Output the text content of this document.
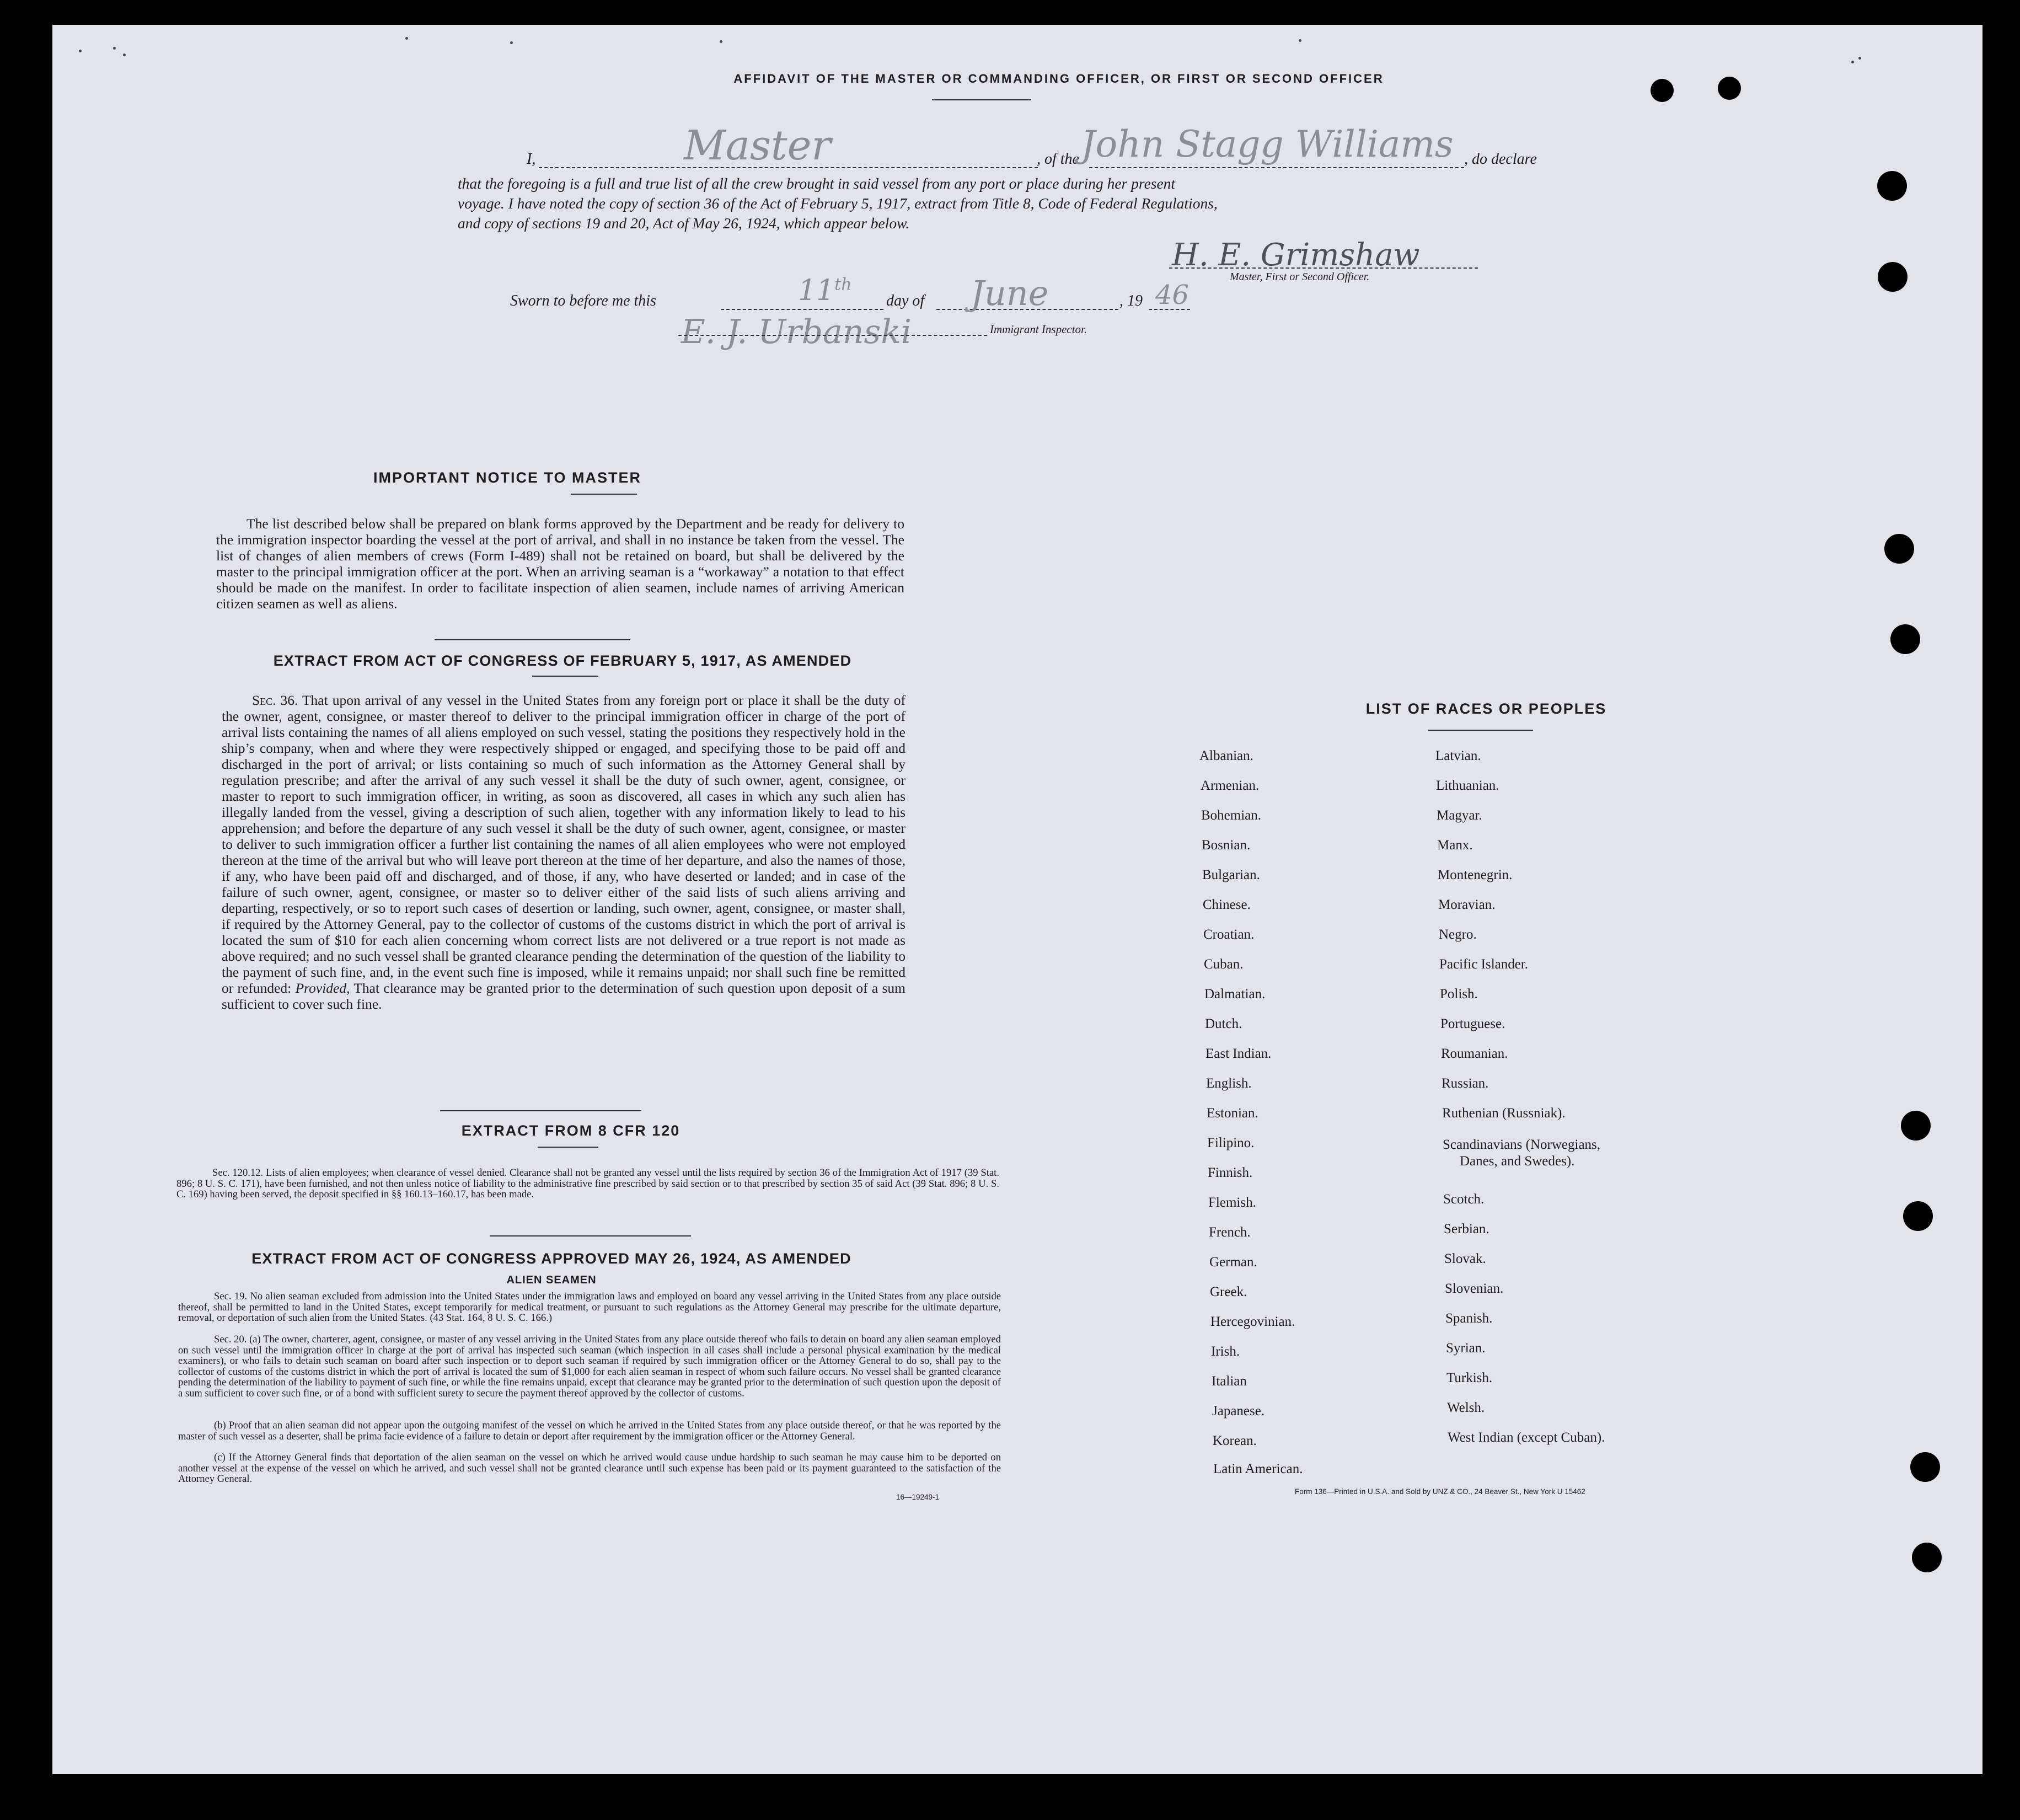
AFFIDAVIT OF THE MASTER OR COMMANDING OFFICER, OR FIRST OR SECOND OFFICER
I,	Master	, of the John Stagg Williams , do declare
that the foregoing is a full and true list of all the crew brought in said vessel from any port or place during her present
voyage. I have noted the copy of section 36 of the Act of February 5, 1917, extract from Title 8, Code of Federal Regulations,
and copy of sections 19 and 20, Act of May 26, 1924, which appear below.
H. E. Grimshaw
Master, First or Second Officer.
Sworn to before me this	11th
day of June	, 19 46
E. J. Urbanski	Immigrant Inspector.
IMPORTANT NOTICE TO MASTER
The list described below shall be prepared on blank forms approved by the Department and be ready for delivery to the immigration inspector boarding the vessel at the port of arrival, and shall in no instance be taken from the vessel. The list of changes of alien members of crews (Form I-489) shall not be retained on board, but shall be delivered by the master to the principal immigration officer at the port. When an arriving seaman is a “workaway” a notation to that effect should be made on the manifest. In order to facilitate inspection of alien seamen, include names of arriving American citizen seamen as well as aliens.
EXTRACT FROM ACT OF CONGRESS OF FEBRUARY 5, 1917, AS AMENDED
Sec. 36. That upon arrival of any vessel in the United States from any foreign port or place it shall be the duty of the owner, agent, consignee, or master thereof to deliver to the principal immigration officer in charge of the port of arrival lists containing the names of all aliens employed on such vessel, stating the positions they respectively hold in the ship’s company, when and where they were respectively shipped or engaged, and specifying those to be paid off and discharged in the port of arrival; or lists containing so much of such information as the Attorney General shall by regulation prescribe; and after the arrival of any such vessel it shall be the duty of such owner, agent, consignee, or master to report to such immigration officer, in writing, as soon as discovered, all cases in which any such alien has illegally landed from the vessel, giving a description of such alien, together with any information likely to lead to his apprehension; and before the departure of any such vessel it shall be the duty of such owner, agent, consignee, or master to deliver to such immigration officer a further list containing the names of all alien employees who were not employed thereon at the time of the arrival but who will leave port thereon at the time of her departure, and also the names of those, if any, who have been paid off and discharged, and of those, if any, who have deserted or landed; and in case of the failure of such owner, agent, consignee, or master so to deliver either of the said lists of such aliens arriving and departing, respectively, or so to report such cases of desertion or landing, such owner, agent, consignee, or master shall, if required by the Attorney General, pay to the collector of customs of the customs district in which the port of arrival is located the sum of $10 for each alien concerning whom correct lists are not delivered or a true report is not made as above required; and no such vessel shall be granted clearance pending the determination of the question of the liability to the payment of such fine, and, in the event such fine is imposed, while it remains unpaid; nor shall such fine be remitted or refunded: Provided, That clearance may be granted prior to the determination of such question upon deposit of a sum sufficient to cover such fine.
EXTRACT FROM 8 CFR 120
Sec. 120.12. Lists of alien employees; when clearance of vessel denied. Clearance shall not be granted any vessel until the lists required by section 36 of the Immigration Act of 1917 (39 Stat. 896; 8 U. S. C. 171), have been furnished, and not then unless notice of liability to the administrative fine prescribed by said section or to that prescribed by section 35 of said Act (39 Stat. 896; 8 U. S. C. 169) having been served, the deposit specified in §§ 160.13–160.17, has been made.
EXTRACT FROM ACT OF CONGRESS APPROVED MAY 26, 1924, AS AMENDED
ALIEN SEAMEN
Sec. 19. No alien seaman excluded from admission into the United States under the immigration laws and employed on board any vessel arriving in the United States from any place outside thereof, shall be permitted to land in the United States, except temporarily for medical treatment, or pursuant to such regulations as the Attorney General may prescribe for the ultimate departure, removal, or deportation of such alien from the United States. (43 Stat. 164, 8 U. S. C. 166.)
Sec. 20. (a) The owner, charterer, agent, consignee, or master of any vessel arriving in the United States from any place outside thereof who fails to detain on board any alien seaman employed on such vessel until the immigration officer in charge at the port of arrival has inspected such seaman (which inspection in all cases shall include a personal physical examination by the medical examiners), or who fails to detain such seaman on board after such inspection or to deport such seaman if required by such immigration officer or the Attorney General to do so, shall pay to the collector of customs of the customs district in which the port of arrival is located the sum of $1,000 for each alien seaman in respect of whom such failure occurs. No vessel shall be granted clearance pending the determination of the liability to payment of such fine, or while the fine remains unpaid, except that clearance may be granted prior to the determination of such question upon the deposit of a sum sufficient to cover such fine, or of a bond with sufficient surety to secure the payment thereof approved by the collector of customs.
(b) Proof that an alien seaman did not appear upon the outgoing manifest of the vessel on which he arrived in the United States from any place outside thereof, or that he was reported by the master of such vessel as a deserter, shall be prima facie evidence of a failure to detain or deport after requirement by the immigration officer or the Attorney General.
(c) If the Attorney General finds that deportation of the alien seaman on the vessel on which he arrived would cause undue hardship to such seaman he may cause him to be deported on another vessel at the expense of the vessel on which he arrived, and such vessel shall not be granted clearance until such expense has been paid or its payment guaranteed to the satisfaction of the Attorney General.
16—19249-1
LIST OF RACES OR PEOPLES
Albanian.
Armenian.
Bohemian.
Bosnian.
Bulgarian.
Chinese.
Croatian.
Cuban.
Dalmatian.
Dutch.
East Indian.
English.
Estonian.
Filipino.
Finnish.
Flemish.
French.
German.
Greek.
Hercegovinian.
Irish.
Italian
Japanese.
Korean.
Latin American.
Latvian.
Lithuanian.
Magyar.
Manx.
Montenegrin.
Moravian.
Negro.
Pacific Islander.
Polish.
Portuguese.
Roumanian.
Russian.
Ruthenian (Russniak).
Scandinavians (Norwegians,
Danes, and Swedes).
Scotch.
Serbian.
Slovak.
Slovenian.
Spanish.
Syrian.
Turkish.
Welsh.
West Indian (except Cuban).
Form 136—Printed in U.S.A. and Sold by UNZ & CO., 24 Beaver St., New York U 15462
